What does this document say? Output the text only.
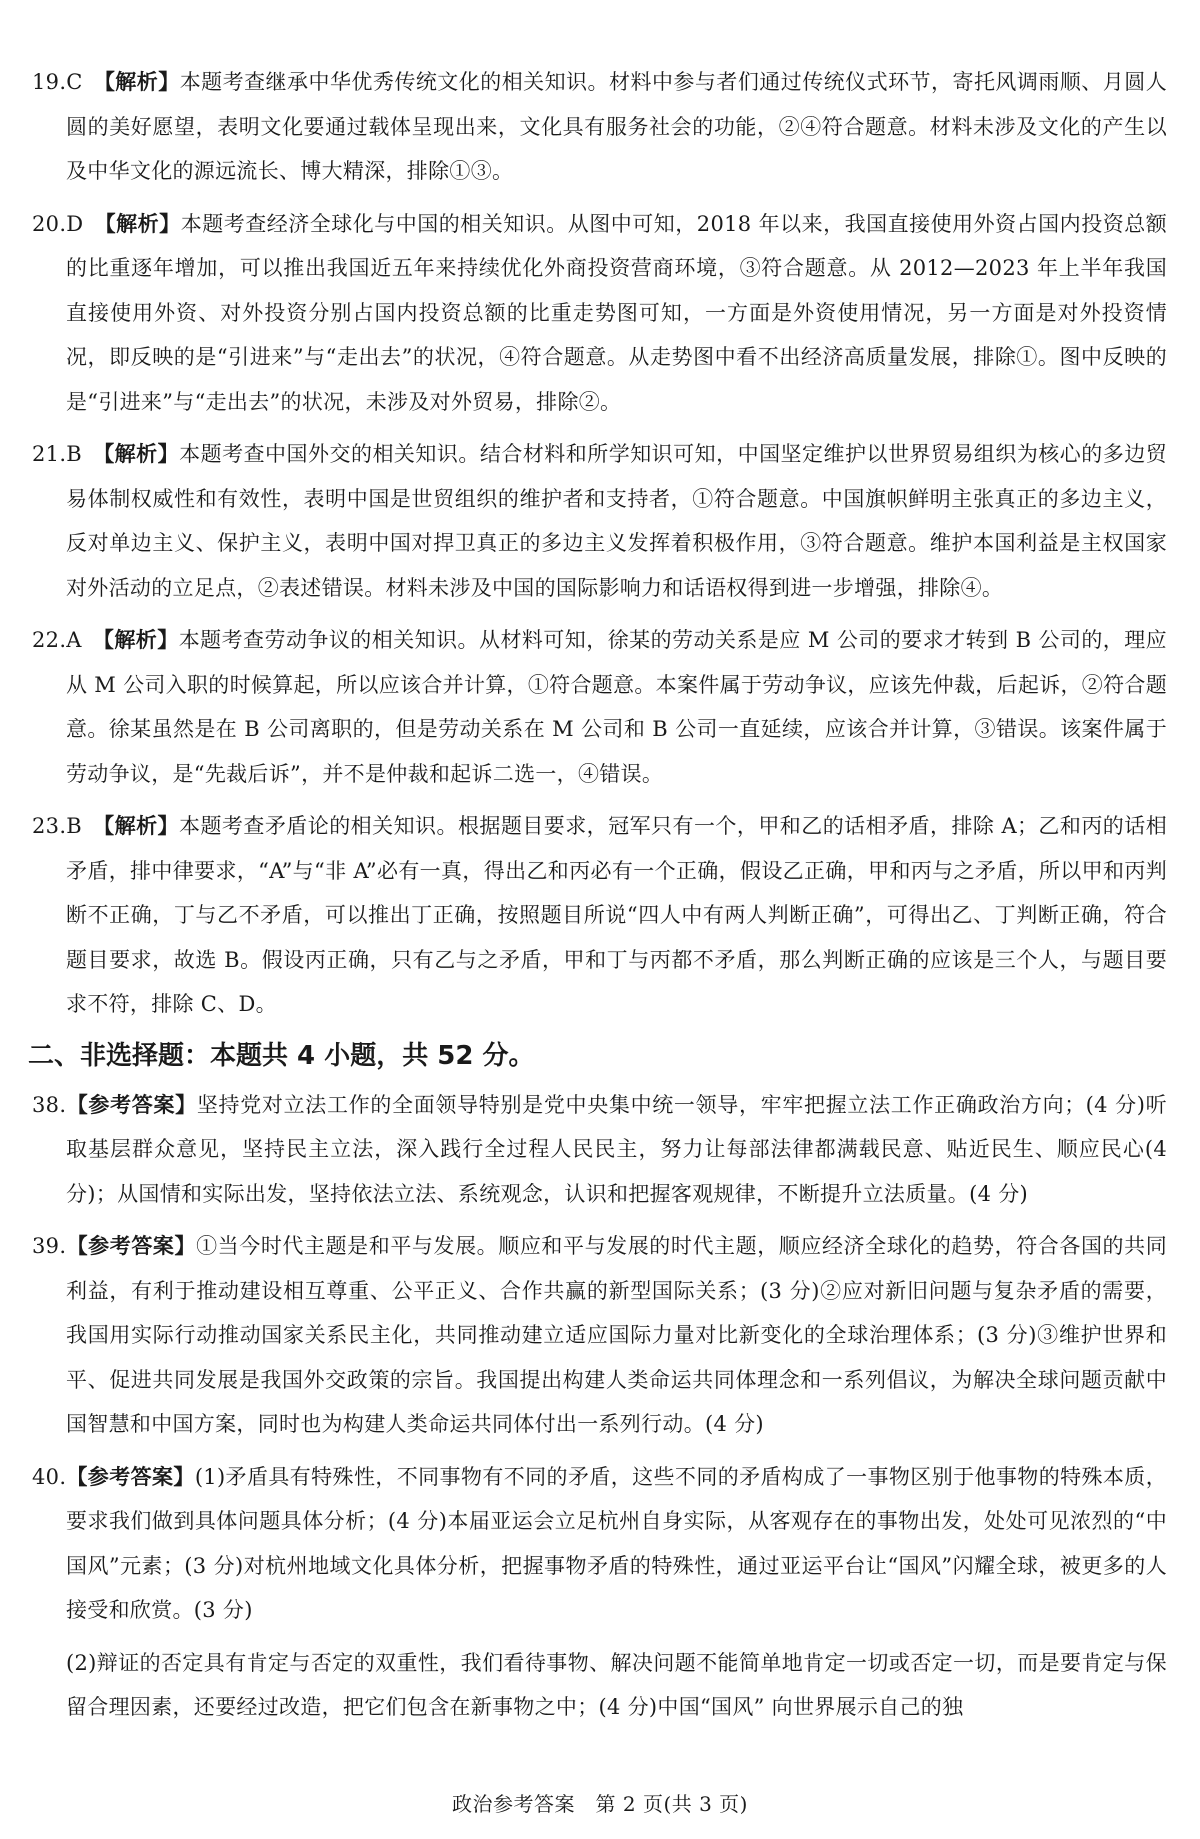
19.C　 【解析】本题考查继承中华优秀传统文化的相关知识。材料中参与者们通过传统仪式环节，寄托风调雨顺、月圆人圆的美好愿望，表明文化要通过载体呈现出来，文化具有服务社会的功能，②④符合题意。材料未涉及文化的产生以及中华文化的源远流长、博大精深，排除①③。
20.D　 【解析】本题考查经济全球化与中国的相关知识。从图中可知，2018 年以来，我国直接使用外资占国内投资总额的比重逐年增加，可以推出我国近五年来持续优化外商投资营商环境，③符合题意。从 2012—2023 年上半年我国直接使用外资、对外投资分别占国内投资总额的比重走势图可知，一方面是外资使用情况，另一方面是对外投资情况，即反映的是“引进来”与“走出去”的状况，④符合题意。从走势图中看不出经济高质量发展，排除①。图中反映的是“引进来”与“走出去”的状况，未涉及对外贸易，排除②。
21.B　 【解析】本题考查中国外交的相关知识。结合材料和所学知识可知，中国坚定维护以世界贸易组织为核心的多边贸易体制权威性和有效性，表明中国是世贸组织的维护者和支持者，①符合题意。中国旗帜鲜明主张真正的多边主义，反对单边主义、保护主义，表明中国对捍卫真正的多边主义发挥着积极作用，③符合题意。维护本国利益是主权国家对外活动的立足点，②表述错误。材料未涉及中国的国际影响力和话语权得到进一步增强，排除④。
22.A　 【解析】本题考查劳动争议的相关知识。从材料可知，徐某的劳动关系是应 M 公司的要求才转到 B 公司的，理应从 M 公司入职的时候算起，所以应该合并计算，①符合题意。本案件属于劳动争议，应该先仲裁，后起诉，②符合题意。徐某虽然是在 B 公司离职的，但是劳动关系在 M 公司和 B 公司一直延续，应该合并计算，③错误。该案件属于劳动争议，是“先裁后诉”，并不是仲裁和起诉二选一，④错误。
23.B　 【解析】本题考查矛盾论的相关知识。根据题目要求，冠军只有一个，甲和乙的话相矛盾，排除 A；乙和丙的话相矛盾，排中律要求，“A”与“非 A”必有一真，得出乙和丙必有一个正确，假设乙正确，甲和丙与之矛盾，所以甲和丙判断不正确，丁与乙不矛盾，可以推出丁正确，按照题目所说“四人中有两人判断正确”，可得出乙、丁判断正确，符合题目要求，故选 B。假设丙正确，只有乙与之矛盾，甲和丁与丙都不矛盾，那么判断正确的应该是三个人，与题目要求不符，排除 C、D。
二、非选择题：本题共 4 小题，共 52 分。
38.【参考答案】坚持党对立法工作的全面领导特别是党中央集中统一领导，牢牢把握立法工作正确政治方向；(4 分)听取基层群众意见，坚持民主立法，深入践行全过程人民民主，努力让每部法律都满载民意、贴近民生、顺应民心(4 分)；从国情和实际出发，坚持依法立法、系统观念，认识和把握客观规律，不断提升立法质量。(4 分)
39.【参考答案】①当今时代主题是和平与发展。顺应和平与发展的时代主题，顺应经济全球化的趋势，符合各国的共同利益，有利于推动建设相互尊重、公平正义、合作共赢的新型国际关系；(3 分)②应对新旧问题与复杂矛盾的需要，我国用实际行动推动国家关系民主化，共同推动建立适应国际力量对比新变化的全球治理体系；(3 分)③维护世界和平、促进共同发展是我国外交政策的宗旨。我国提出构建人类命运共同体理念和一系列倡议，为解决全球问题贡献中国智慧和中国方案，同时也为构建人类命运共同体付出一系列行动。(4 分)
40.【参考答案】(1)矛盾具有特殊性，不同事物有不同的矛盾，这些不同的矛盾构成了一事物区别于他事物的特殊本质，要求我们做到具体问题具体分析；(4 分)本届亚运会立足杭州自身实际，从客观存在的事物出发，处处可见浓烈的“中国风”元素；(3 分)对杭州地域文化具体分析，把握事物矛盾的特殊性，通过亚运平台让“国风”闪耀全球，被更多的人接受和欣赏。(3 分)
(2)辩证的否定具有肯定与否定的双重性，我们看待事物、解决问题不能简单地肯定一切或否定一切，而是要肯定与保留合理因素，还要经过改造，把它们包含在新事物之中；(4 分)中国“国风” 向世界展示自己的独
政治参考答案　第 2 页(共 3 页)
